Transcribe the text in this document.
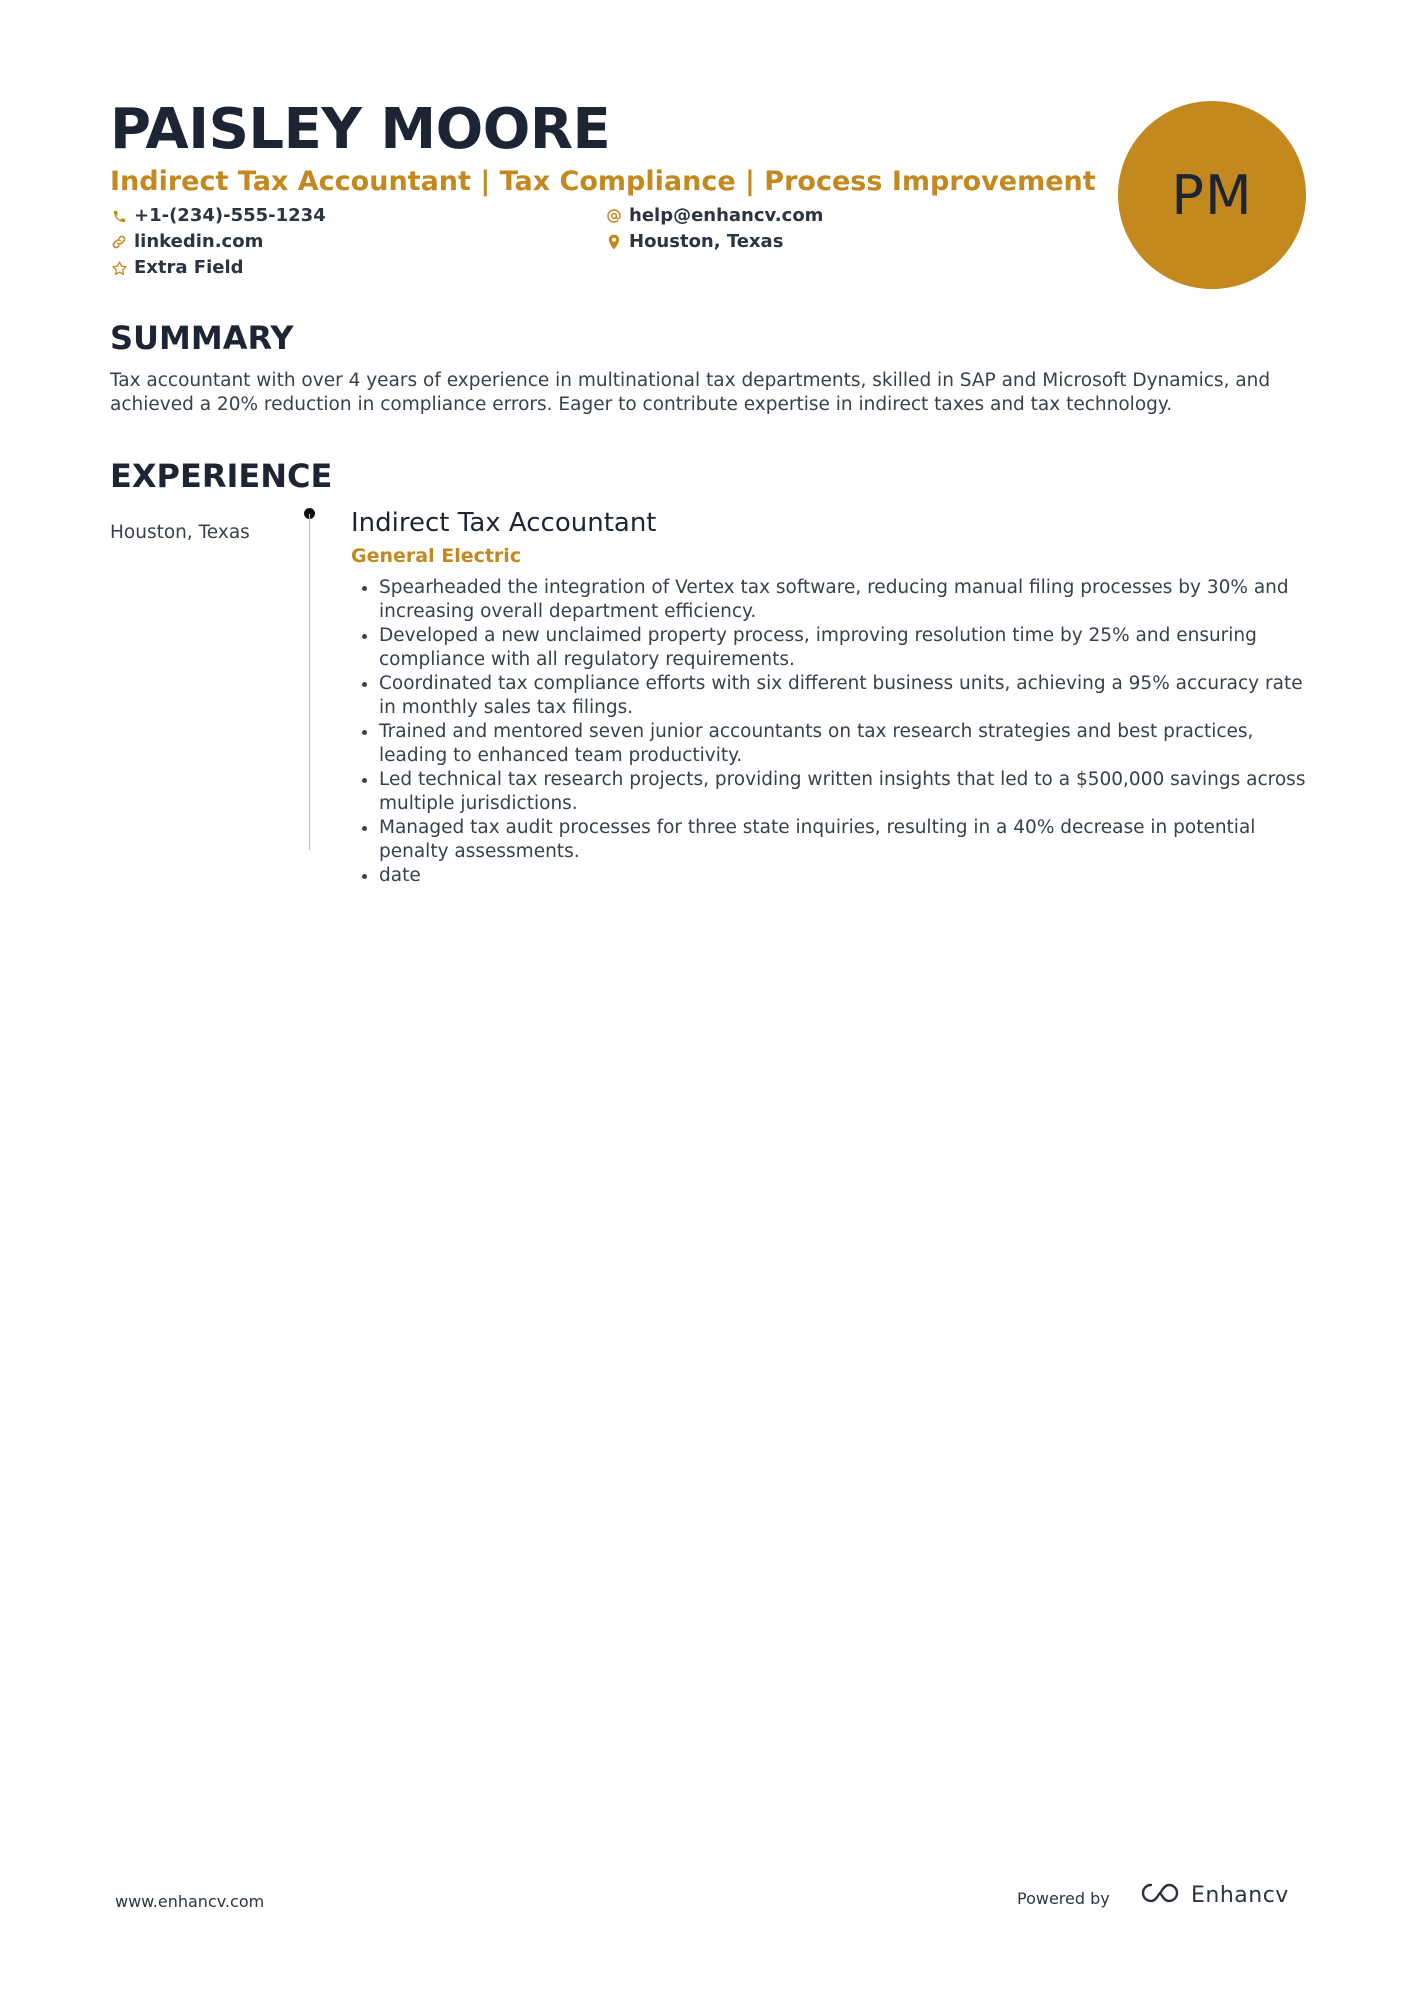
PAISLEY MOORE
Indirect Tax Accountant | Tax Compliance | Process Improvement
+1-(234)-555-1234	help@enhancv.com
linkedin.com	Houston, Texas
Extra Field
PM
SUMMARY
Tax accountant with over 4 years of experience in multinational tax departments, skilled in SAP and Microsoft Dynamics, and achieved a 20% reduction in compliance errors. Eager to contribute expertise in indirect taxes and tax technology.
EXPERIENCE
Houston, Texas	Indirect Tax Accountant
General Electric
• Spearheaded the integration of Vertex tax software, reducing manual filing processes by 30% and increasing overall department efficiency.
• Developed a new unclaimed property process, improving resolution time by 25% and ensuring compliance with all regulatory requirements.
• Coordinated tax compliance efforts with six different business units, achieving a 95% accuracy rate in monthly sales tax filings.
• Trained and mentored seven junior accountants on tax research strategies and best practices, leading to enhanced team productivity.
• Led technical tax research projects, providing written insights that led to a $500,000 savings across multiple jurisdictions.
• Managed tax audit processes for three state inquiries, resulting in a 40% decrease in potential penalty assessments.
• date
www.enhancv.com	Powered by	Enhancv
